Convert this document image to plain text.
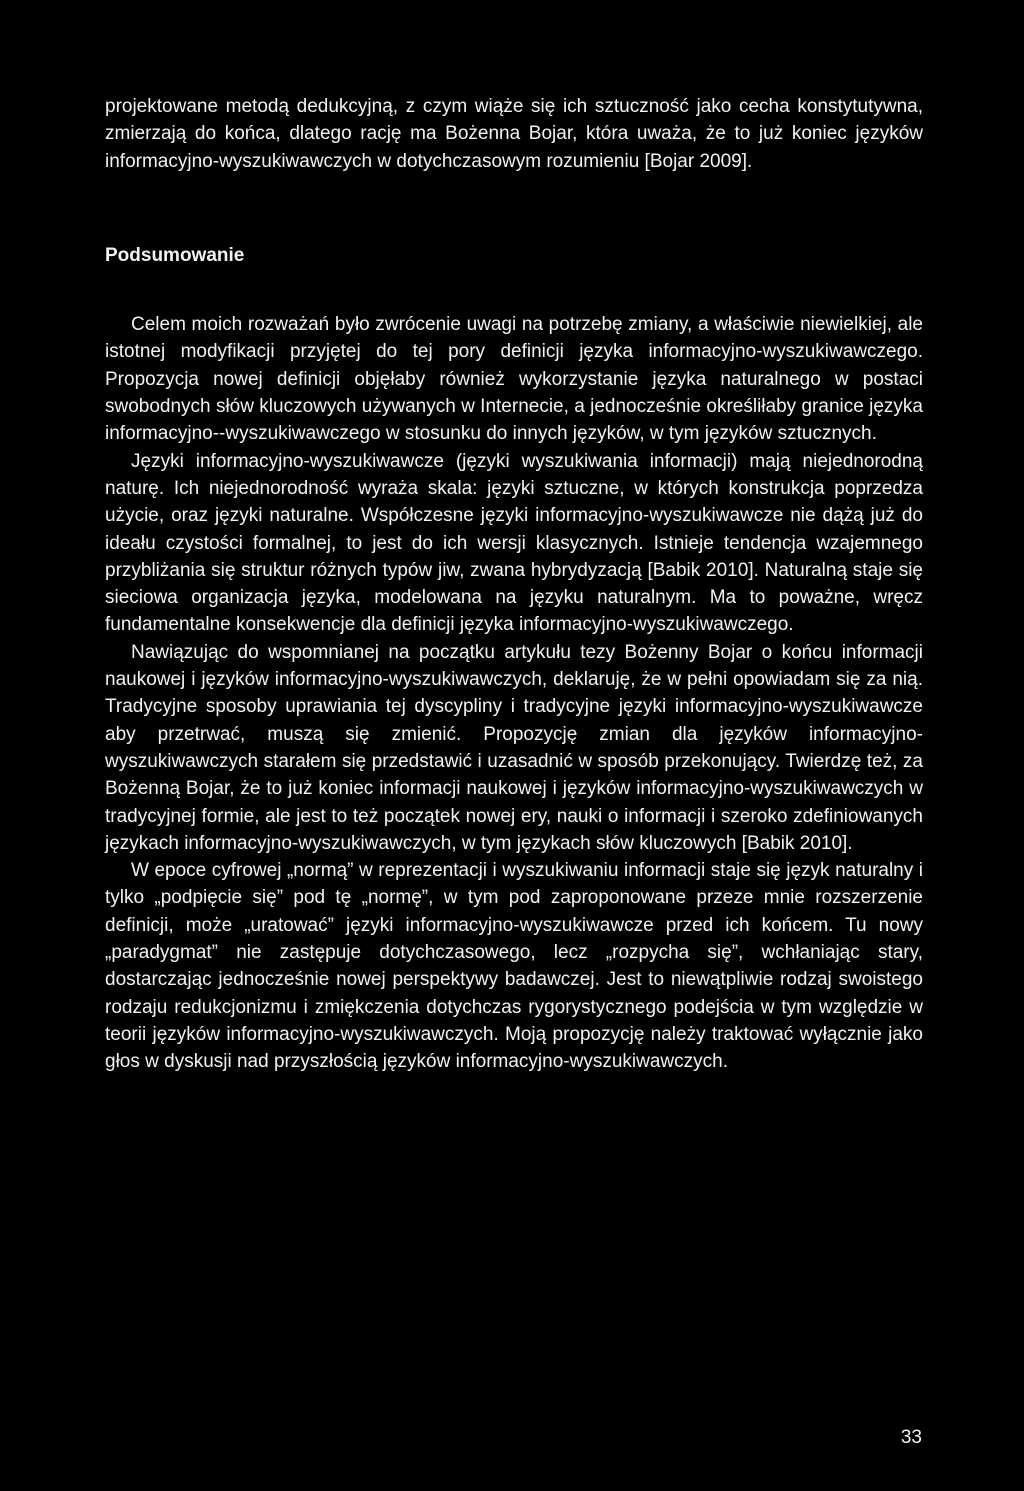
projektowane metodą dedukcyjną, z czym wiąże się ich sztuczność jako cecha konstytutywna, zmierzają do końca, dlatego rację ma Bożenna Bojar, która uważa, że to już koniec języków informacyjno-wyszukiwawczych w dotychczasowym rozumieniu [Bojar 2009].

Podsumowanie

Celem moich rozważań było zwrócenie uwagi na potrzebę zmiany, a właściwie niewielkiej, ale istotnej modyfikacji przyjętej do tej pory definicji języka informacyjno-wyszukiwawczego. Propozycja nowej definicji objęłaby również wykorzystanie języka naturalnego w postaci swobodnych słów kluczowych używanych w Internecie, a jednocześnie określiłaby granice języka informacyjno--wyszukiwawczego w stosunku do innych języków, w tym języków sztucznych.

Języki informacyjno-wyszukiwawcze (języki wyszukiwania informacji) mają niejednorodną naturę. Ich niejednorodność wyraża skala: języki sztuczne, w których konstrukcja poprzedza użycie, oraz języki naturalne. Współczesne języki informacyjno-wyszukiwawcze nie dążą już do ideału czystości formalnej, to jest do ich wersji klasycznych. Istnieje tendencja wzajemnego przybliżania się struktur różnych typów jiw, zwana hybrydyzacją [Babik 2010]. Naturalną staje się sieciowa organizacja języka, modelowana na języku naturalnym. Ma to poważne, wręcz fundamentalne konsekwencje dla definicji języka informacyjno-wyszukiwawczego.

Nawiązując do wspomnianej na początku artykułu tezy Bożenny Bojar o końcu informacji naukowej i języków informacyjno-wyszukiwawczych, deklaruję, że w pełni opowiadam się za nią. Tradycyjne sposoby uprawiania tej dyscypliny i tradycyjne języki informacyjno-wyszukiwawcze aby przetrwać, muszą się zmienić. Propozycję zmian dla języków informacyjno-wyszukiwawczych starałem się przedstawić i uzasadnić w sposób przekonujący. Twierdzę też, za Bożenną Bojar, że to już koniec informacji naukowej i języków informacyjno-wyszukiwawczych w tradycyjnej formie, ale jest to też początek nowej ery, nauki o informacji i szeroko zdefiniowanych językach informacyjno-wyszukiwawczych, w tym językach słów kluczowych [Babik 2010].

W epoce cyfrowej „normą” w reprezentacji i wyszukiwaniu informacji staje się język naturalny i tylko „podpięcie się” pod tę „normę”, w tym pod zaproponowane przeze mnie rozszerzenie definicji, może „uratować” języki informacyjno-wyszukiwawcze przed ich końcem. Tu nowy „paradygmat” nie zastępuje dotychczasowego, lecz „rozpycha się”, wchłaniając stary, dostarczając jednocześnie nowej perspektywy badawczej. Jest to niewątpliwie rodzaj swoistego rodzaju redukcjonizmu i zmiękczenia dotychczas rygorystycznego podejścia w tym względzie w teorii języków informacyjno-wyszukiwawczych. Moją propozycję należy traktować wyłącznie jako głos w dyskusji nad przyszłością języków informacyjno-wyszukiwawczych.

33
